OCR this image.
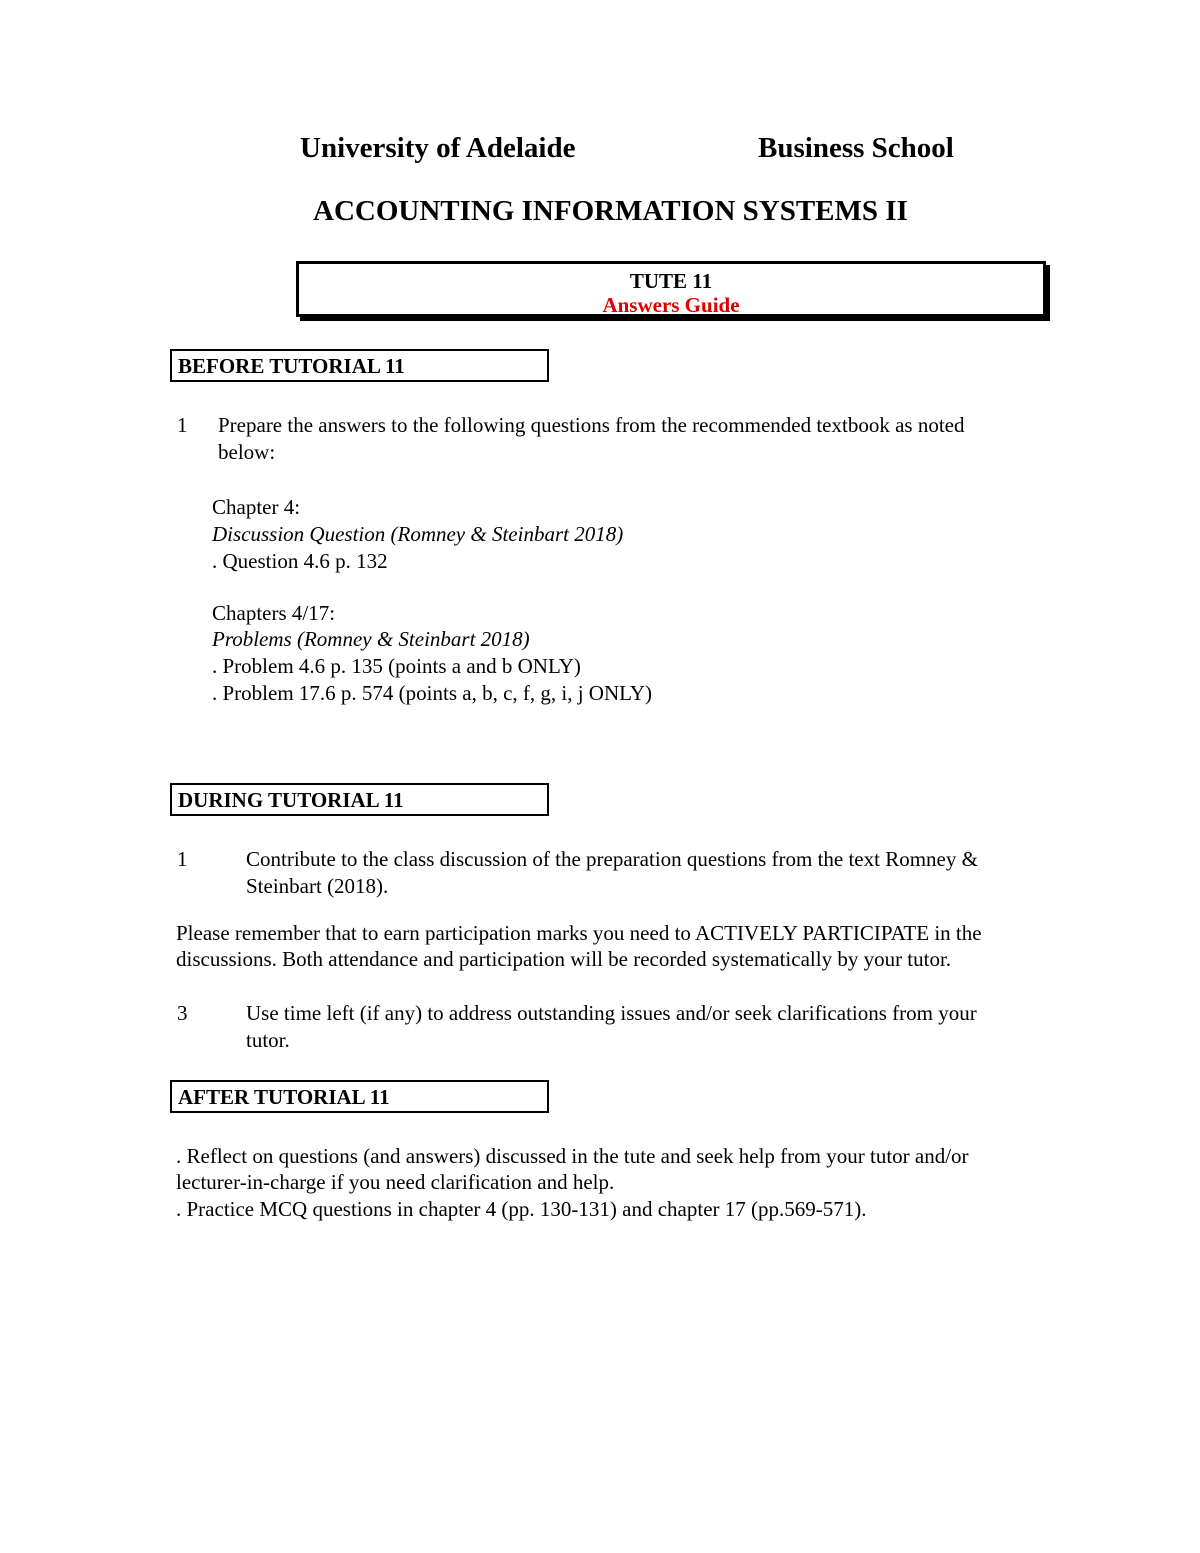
University of Adelaide	Business School
ACCOUNTING INFORMATION SYSTEMS II
TUTE 11
Answers Guide
BEFORE TUTORIAL 11
1 Prepare the answers to the following questions from the recommended textbook as noted
below:
Chapter 4:
Discussion Question (Romney & Steinbart 2018)
. Question 4.6 p. 132
Chapters 4/17:
Problems (Romney & Steinbart 2018)
. Problem 4.6 p. 135 (points a and b ONLY)
. Problem 17.6 p. 574 (points a, b, c, f, g, i, j ONLY)
DURING TUTORIAL 11
1	Contribute to the class discussion of the preparation questions from the text Romney &
Steinbart (2018).
Please remember that to earn participation marks you need to ACTIVELY PARTICIPATE in the
discussions. Both attendance and participation will be recorded systematically by your tutor.
3	Use time left (if any) to address outstanding issues and/or seek clarifications from your
tutor.
AFTER TUTORIAL 11
. Reflect on questions (and answers) discussed in the tute and seek help from your tutor and/or
lecturer-in-charge if you need clarification and help.
. Practice MCQ questions in chapter 4 (pp. 130-131) and chapter 17 (pp.569-571).
